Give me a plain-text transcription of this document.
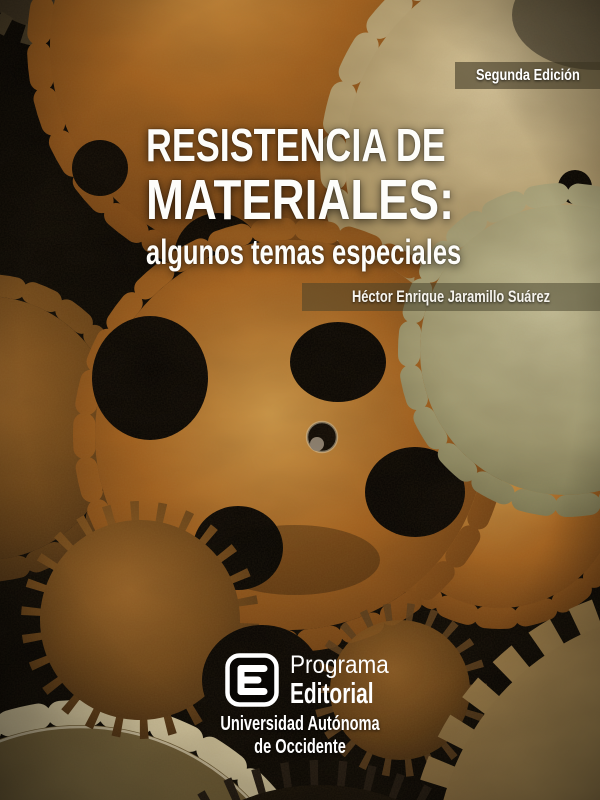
Segunda Edición
RESISTENCIA DE
MATERIALES:
algunos temas especiales
Héctor Enrique Jaramillo Suárez
Programa
Editorial
Universidad Autónoma
de Occidente
